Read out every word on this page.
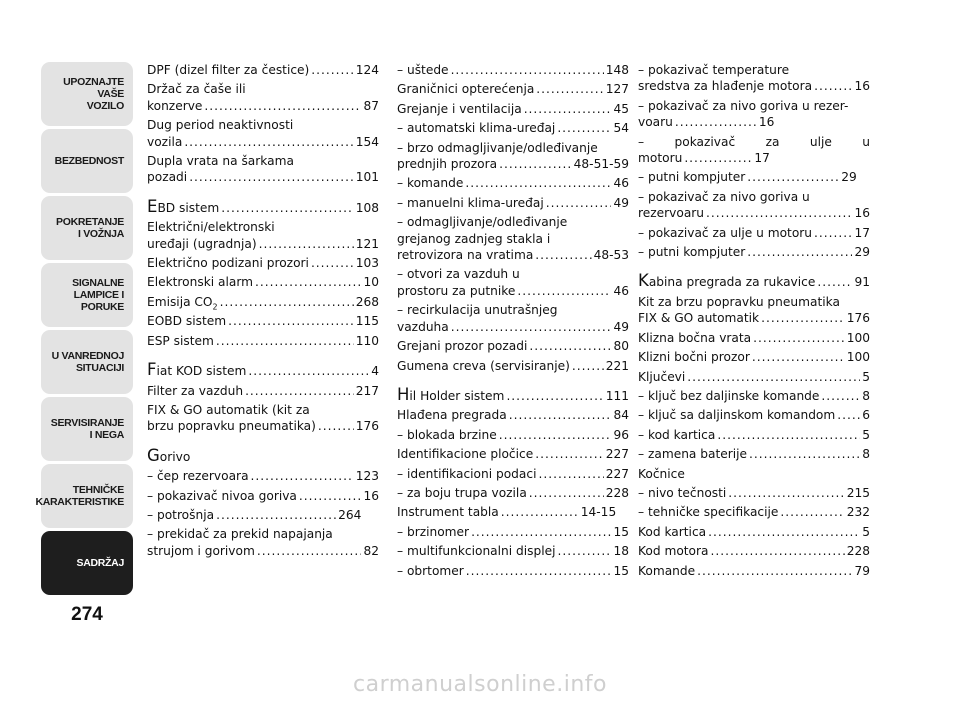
UPOZNAJTE
VAŠE
VOZILO
BEZBEDNOST
POKRETANJE
I VOŽNJA
SIGNALNE
LAMPICE I PORUKE
U VANREDNOJ
SITUACIJI
SERVISIRANJE
I NEGA
TEHNIČKE
KARAKTERISTIKE
SADRŽAJ
274
DPF (dizel filter za čestice) .....	124
Držač za čaše ili
konzerve .....	87
Dug period neaktivnosti
vozila .....	154
Dupla vrata na šarkama
pozadi .....	101
EBD sistem .....	108
Električni/elektronski
uređaji (ugradnja) .....	121
Električno podizani prozori .....	103
Elektronski alarm .....	10
Emisija $CO_2$ .....	268
EOBD sistem .....	115
ESP sistem .....	110
Fiat KOD sistem .....	4
Filter za vazduh .....	217
FIX & GO automatik (kit za
brzu popravku pneumatika) .....	176
Gorivo
– čep rezervoara .....	123
– pokazivač nivoa goriva .....	16
– potrošnja .....	264
– prekidač za prekid napajanja
strujom i gorivom .....	82
– uštede .....	148
Graničnici opterećenja .....	127
Grejanje i ventilacija .....	45
– automatski klima-uređaj .....	54
– brzo odmagljivanje/odleđivanje
prednjih prozora .....	48-51-59
– komande .....	46
– manuelni klima-uređaj .....	49
– odmagljivanje/odleđivanje
grejanog zadnjeg stakla i
retrovizora na vratima .....	48-53
– otvori za vazduh u
prostoru za putnike .....	46
– recirkulacija unutrašnjeg
vazduha .....	49
Grejani prozor pozadi .....	80
Gumena creva (servisiranje) .....	221
Hil Holder sistem .....	111
Hlađena pregrada .....	84
– blokada brzine .....	96
Identifikacione pločice .....	227
– identifikacioni podaci .....	227
– za boju trupa vozila .....	228
Instrument tabla .....	14-15
– brzinomer .....	15
– multifunkcionalni displej .....	18
– obrtomer .....	15
– pokazivač temperature
sredstva za hlađenje motora .....	16
– pokazivač za nivo goriva u rezer-
voaru .....	16
– pokazivač za ulje u
motoru .....	17
– putni kompjuter .....	29
– pokazivač za nivo goriva u
rezervoaru .....	16
– pokazivač za ulje u motoru .....	17
– putni kompjuter .....	29
Kabina pregrada za rukavice .....	91
Kit za brzu popravku pneumatika
FIX & GO automatik .....	176
Klizna bočna vrata .....	100
Klizni bočni prozor .....	100
Ključevi .....	5
– ključ bez daljinske komande .....	8
– ključ sa daljinskom komandom ..... 6
– kod kartica .....	5
– zamena baterije .....	8
Kočnice
– nivo tečnosti .....	215
– tehničke specifikacije .....	232
Kod kartica .....	5
Kod motora .....	228
Komande .....	79
carmanualsonline.info
